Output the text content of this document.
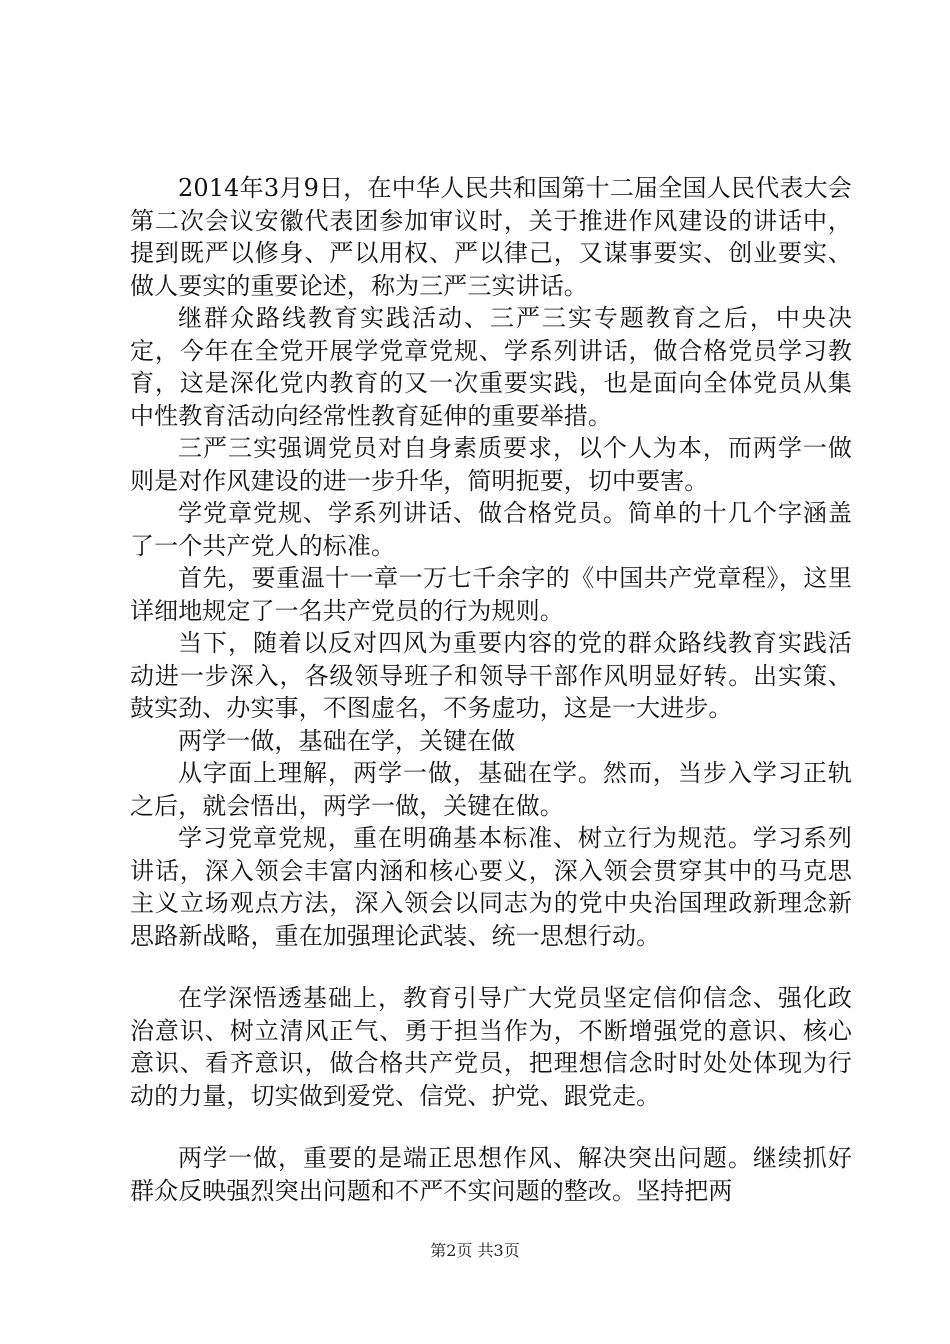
2014年3月9日，在中华人民共和国第十二届全国人民代表大会第二次会议安徽代表团参加审议时，关于推进作风建设的讲话中，提到既严以修身、严以用权、严以律己，又谋事要实、创业要实、做人要实的重要论述，称为三严三实讲话。

继群众路线教育实践活动、三严三实专题教育之后，中央决定，今年在全党开展学党章党规、学系列讲话，做合格党员学习教育，这是深化党内教育的又一次重要实践，也是面向全体党员从集中性教育活动向经常性教育延伸的重要举措。

三严三实强调党员对自身素质要求，以个人为本，而两学一做则是对作风建设的进一步升华，简明扼要，切中要害。

学党章党规、学系列讲话、做合格党员。简单的十几个字涵盖了一个共产党人的标准。

首先，要重温十一章一万七千余字的《中国共产党章程》，这里详细地规定了一名共产党员的行为规则。

当下，随着以反对四风为重要内容的党的群众路线教育实践活动进一步深入，各级领导班子和领导干部作风明显好转。出实策、鼓实劲、办实事，不图虚名，不务虚功，这是一大进步。

两学一做，基础在学，关键在做

从字面上理解，两学一做，基础在学。然而，当步入学习正轨之后，就会悟出，两学一做，关键在做。

学习党章党规，重在明确基本标准、树立行为规范。学习系列讲话，深入领会丰富内涵和核心要义，深入领会贯穿其中的马克思主义立场观点方法，深入领会以同志为的党中央治国理政新理念新思路新战略，重在加强理论武装、统一思想行动。

在学深悟透基础上，教育引导广大党员坚定信仰信念、强化政治意识、树立清风正气、勇于担当作为，不断增强党的意识、核心意识、看齐意识，做合格共产党员，把理想信念时时处处体现为行动的力量，切实做到爱党、信党、护党、跟党走。

两学一做，重要的是端正思想作风、解决突出问题。继续抓好群众反映强烈突出问题和不严不实问题的整改。坚持把两

第2页 共3页
